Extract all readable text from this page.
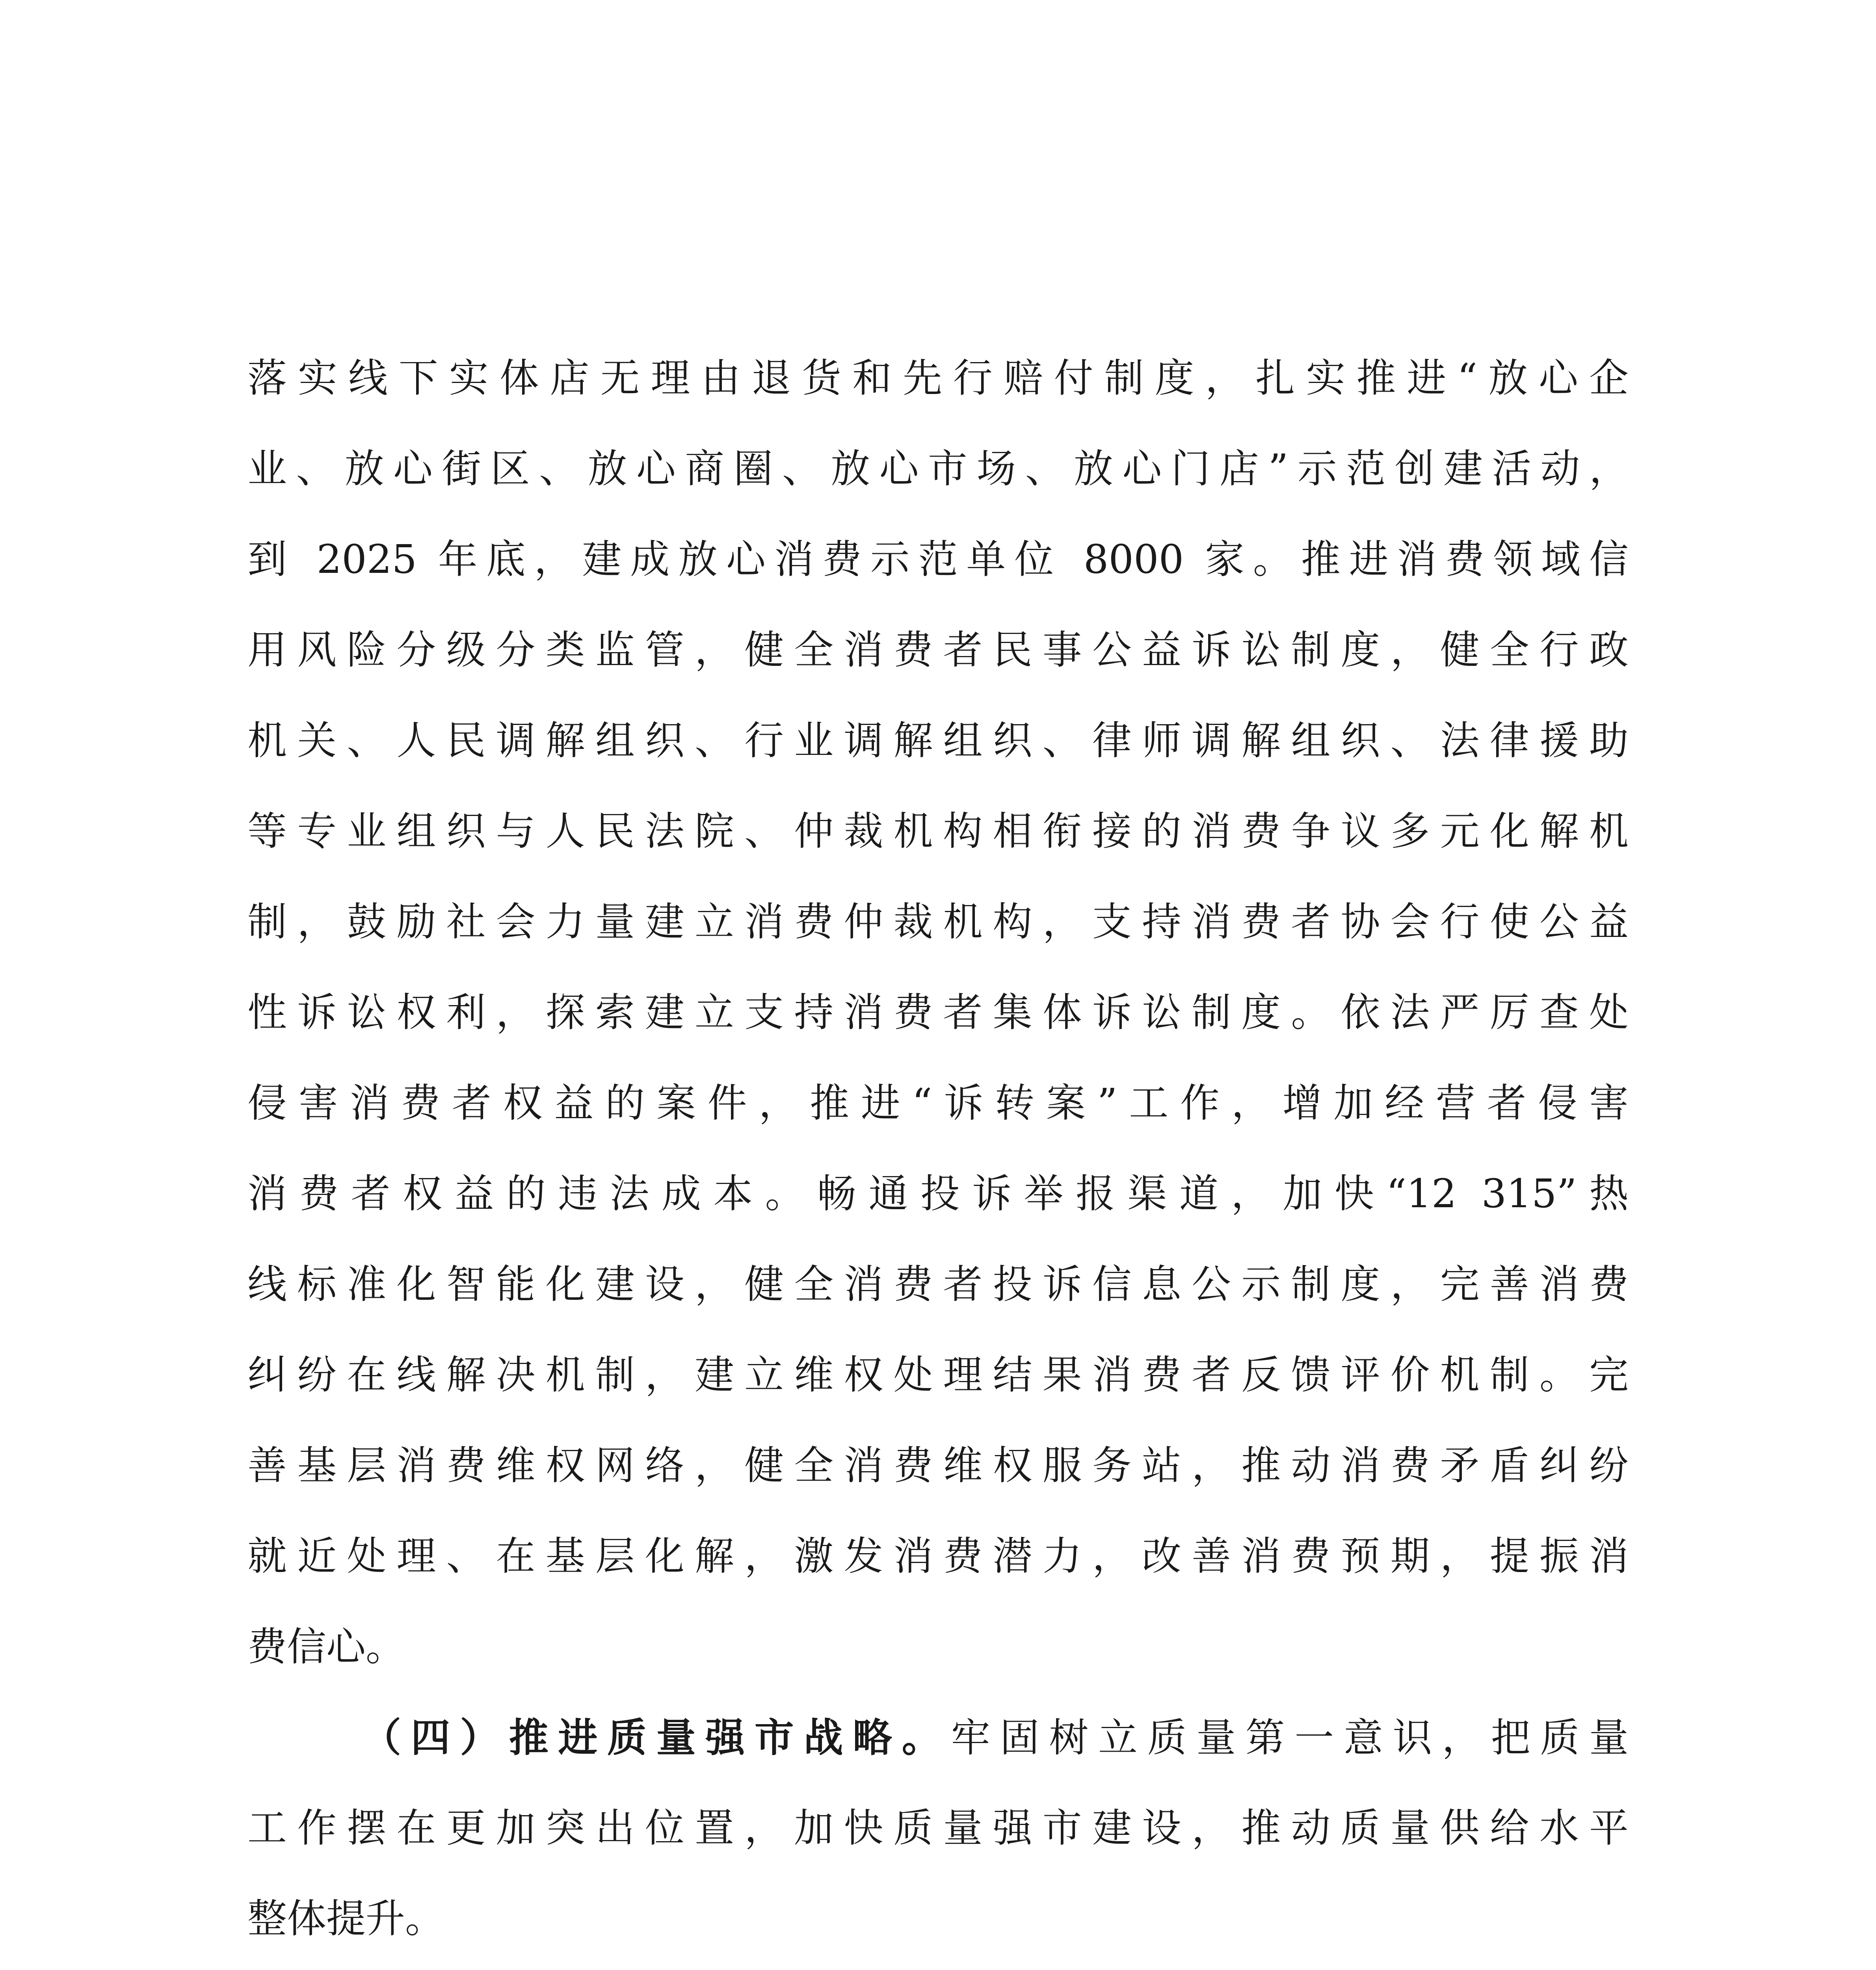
落实线下实体店无理由退货和先行赔付制度，扎实推进“放心企
业、放心街区、放心商圈、放心市场、放心门店”示范创建活动，
到 2025 年底，建成放心消费示范单位 8000 家。推进消费领域信
用风险分级分类监管，健全消费者民事公益诉讼制度，健全行政
机关、人民调解组织、行业调解组织、律师调解组织、法律援助
等专业组织与人民法院、仲裁机构相衔接的消费争议多元化解机
制，鼓励社会力量建立消费仲裁机构，支持消费者协会行使公益
性诉讼权利，探索建立支持消费者集体诉讼制度。依法严厉查处
侵害消费者权益的案件，推进“诉转案”工作，增加经营者侵害
消费者权益的违法成本。畅通投诉举报渠道，加快“12 315”热
线标准化智能化建设，健全消费者投诉信息公示制度，完善消费
纠纷在线解决机制，建立维权处理结果消费者反馈评价机制。完
善基层消费维权网络，健全消费维权服务站，推动消费矛盾纠纷
就近处理、在基层化解，激发消费潜力，改善消费预期，提振消
费信心。
（四）推进质量强市战略。牢固树立质量第一意识，把质量
工作摆在更加突出位置，加快质量强市建设，推动质量供给水平
整体提升。
